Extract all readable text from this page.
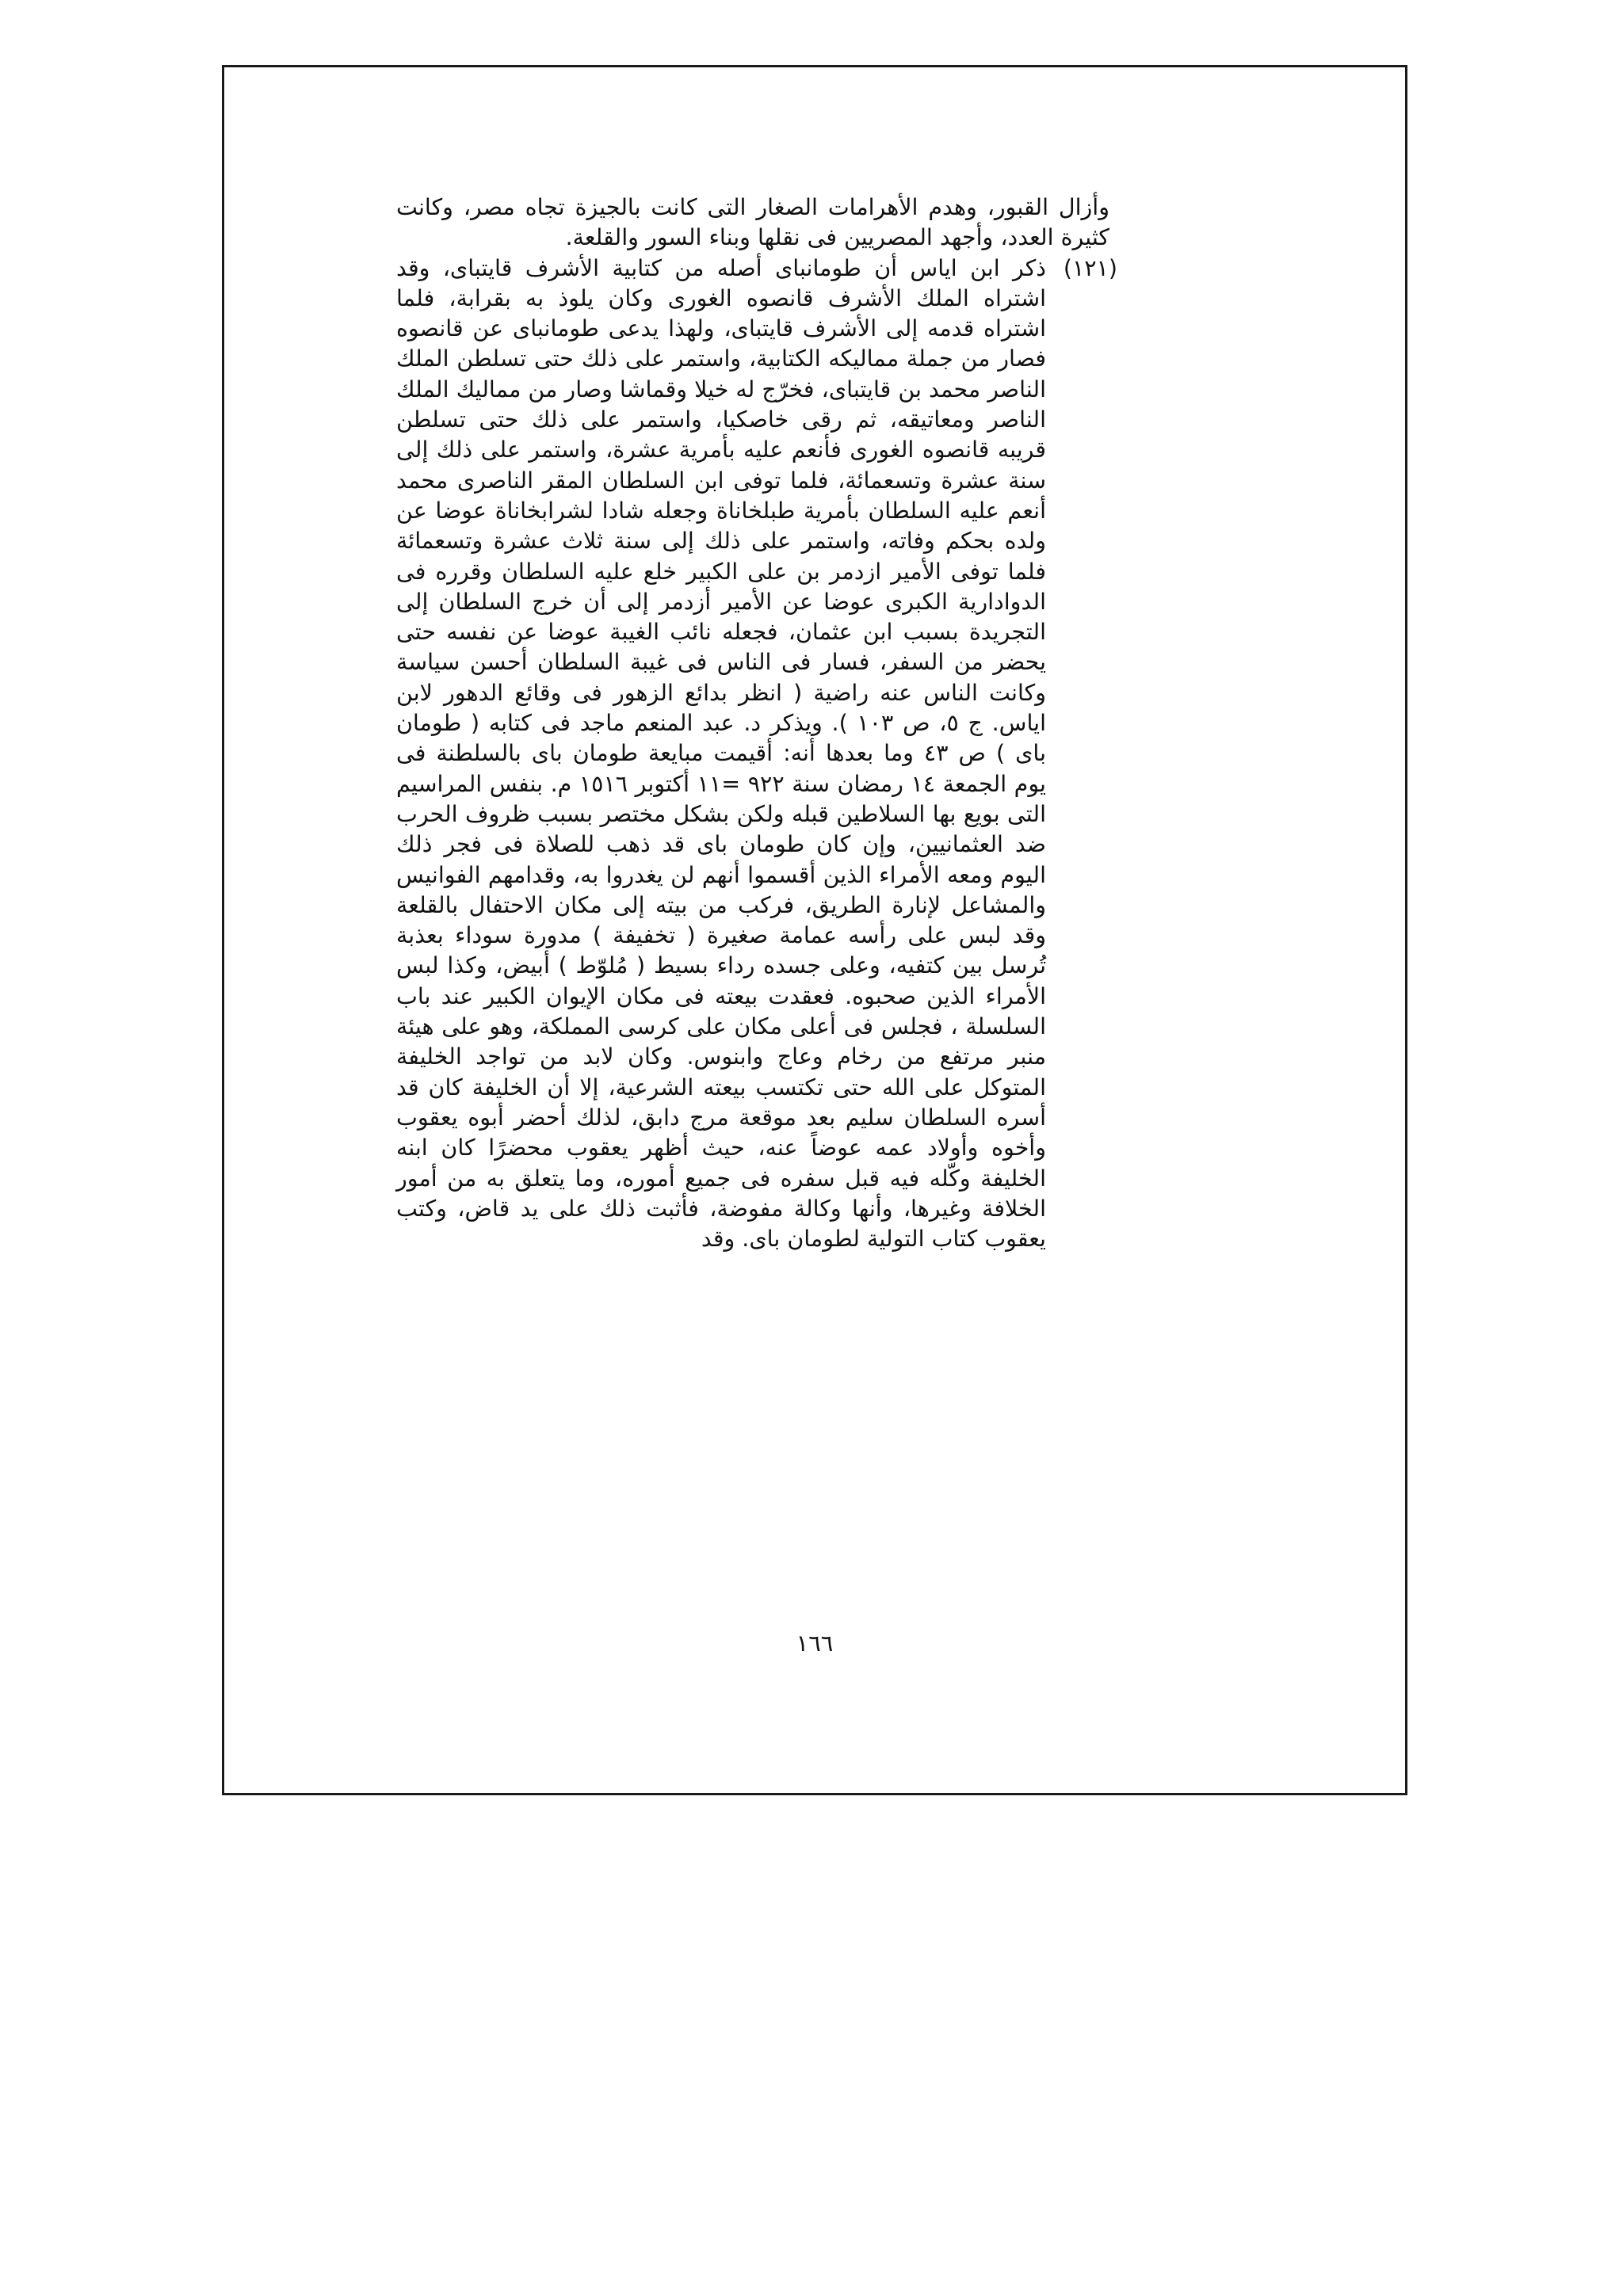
وأزال القبور، وهدم الأهرامات الصغار التى كانت بالجيزة تجاه مصر، وكانت كثيرة العدد، وأجهد المصريين فى نقلها وبناء السور والقلعة.

(١٢١)
ذكر ابن اياس أن طومانباى أصله من كتابية الأشرف قايتباى، وقد اشتراه الملك الأشرف قانصوه الغورى وكان يلوذ به بقرابة، فلما اشتراه قدمه إلى الأشرف قايتباى، ولهذا يدعى طومانباى عن قانصوه فصار من جملة مماليكه الكتابية، واستمر على ذلك حتى تسلطن الملك الناصر محمد بن قايتباى، فخرّج له خيلا وقماشا وصار من مماليك الملك الناصر ومعاتيقه، ثم رقى خاصكيا، واستمر على ذلك حتى تسلطن قريبه قانصوه الغورى فأنعم عليه بأمرية عشرة، واستمر على ذلك إلى سنة عشرة وتسعمائة، فلما توفى ابن السلطان المقر الناصرى محمد أنعم عليه السلطان بأمرية طبلخاناة وجعله شادا لشرابخاناة عوضا عن ولده بحكم وفاته، واستمر على ذلك إلى سنة ثلاث عشرة وتسعمائة فلما توفى الأمير ازدمر بن على الكبير خلع عليه السلطان وقرره فى الدوادارية الكبرى عوضا عن الأمير أزدمر إلى أن خرج السلطان إلى التجريدة بسبب ابن عثمان، فجعله نائب الغيبة عوضا عن نفسه حتى يحضر من السفر، فسار فى الناس فى غيبة السلطان أحسن سياسة وكانت الناس عنه راضية ( انظر بدائع الزهور فى وقائع الدهور لابن اياس. ج ٥، ص ١٠٣ ). ويذكر د. عبد المنعم ماجد فى كتابه ( طومان باى ) ص ٤٣ وما بعدها أنه: أقيمت مبايعة طومان باى بالسلطنة فى يوم الجمعة ١٤ رمضان سنة ٩٢٢ =١١ أكتوبر ١٥١٦ م. بنفس المراسيم التى بويع بها السلاطين قبله ولكن بشكل مختصر بسبب ظروف الحرب ضد العثمانيين، وإن كان طومان باى قد ذهب للصلاة فى فجر ذلك اليوم ومعه الأمراء الذين أقسموا أنهم لن يغدروا به، وقدامهم الفوانيس والمشاعل لإنارة الطريق، فركب من بيته إلى مكان الاحتفال بالقلعة وقد لبس على رأسه عمامة صغيرة ( تخفيفة ) مدورة سوداء بعذبة تُرسل بين كتفيه، وعلى جسده رداء بسيط ( مُلوّط ) أبيض، وكذا لبس الأمراء الذين صحبوه. فعقدت بيعته فى مكان الإيوان الكبير عند باب السلسلة ، فجلس فى أعلى مكان على كرسى المملكة، وهو على هيئة منبر مرتفع من رخام وعاج وابنوس. وكان لابد من تواجد الخليفة المتوكل على الله حتى تكتسب بيعته الشرعية، إلا أن الخليفة كان قد أسره السلطان سليم بعد موقعة مرج دابق، لذلك أحضر أبوه يعقوب وأخوه وأولاد عمه عوضاً عنه، حيث أظهر يعقوب محضرًا كان ابنه الخليفة وكّله فيه قبل سفره فى جميع أموره، وما يتعلق به من أمور الخلافة وغيرها، وأنها وكالة مفوضة، فأثبت ذلك على يد قاض، وكتب يعقوب كتاب التولية لطومان باى. وقد

١٦٦
